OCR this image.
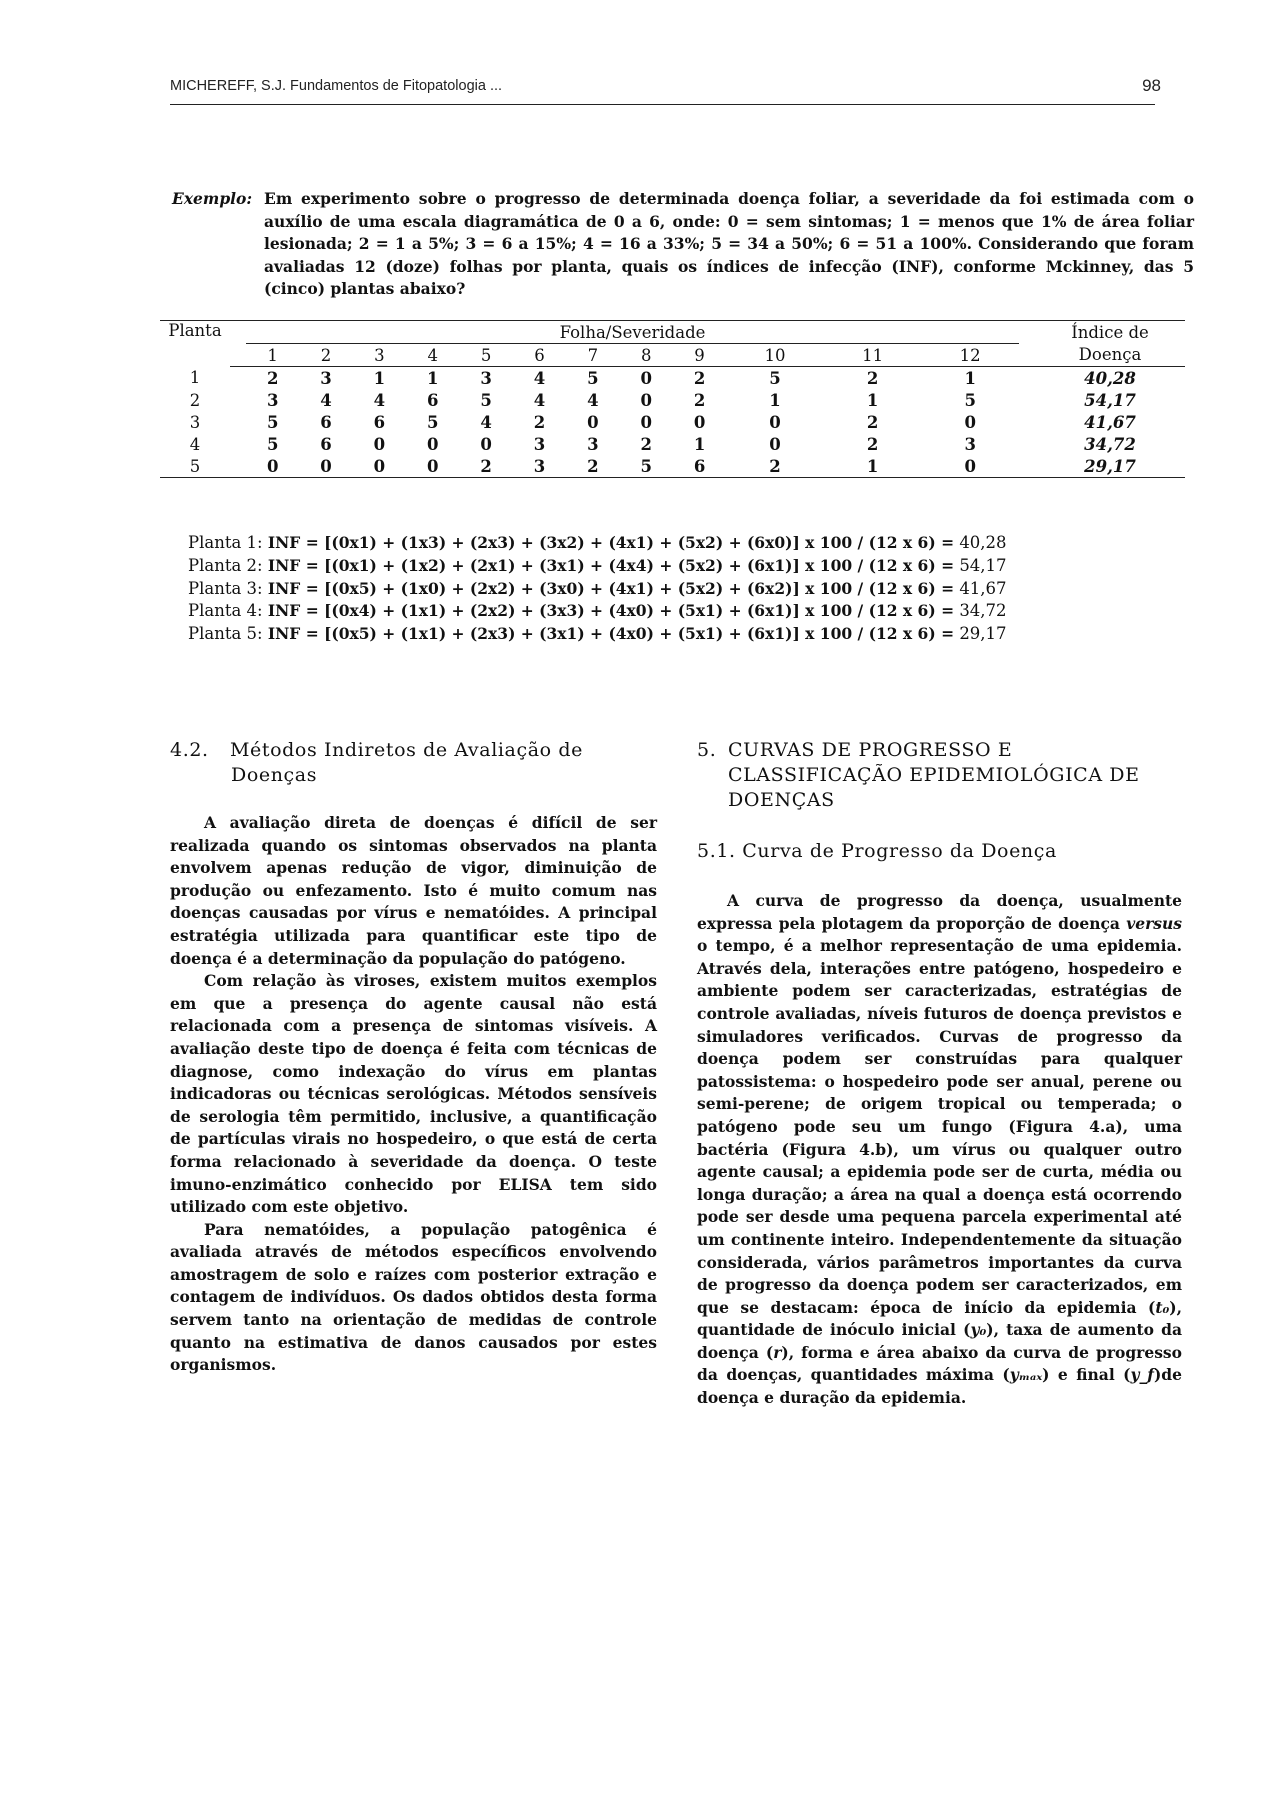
MICHEREFF, S.J. Fundamentos de Fitopatologia ...	98
Exemplo: Em experimento sobre o progresso de determinada doença foliar, a severidade da foi estimada com o auxílio de uma escala diagramática de 0 a 6, onde: 0 = sem sintomas; 1 = menos que 1% de área foliar lesionada; 2 = 1 a 5%; 3 = 6 a 15%; 4 = 16 a 33%; 5 = 34 a 50%; 6 = 51 a 100%. Considerando que foram avaliadas 12 (doze) folhas por planta, quais os índices de infecção (INF), conforme Mckinney, das 5 (cinco) plantas abaixo?
Planta		Folha/Severidade													Índice de
		1	2	3	4	5	6	7	8	9	10	11	12		Doença
1		2	3	1	1	3	4	5	0	2	5	2	1		40,28
2		3	4	4	6	5	4	4	0	2	1	1	5		54,17
3		5	6	6	5	4	2	0	0	0	0	2	0		41,67
4		5	6	0	0	0	3	3	2	1	0	2	3		34,72
5		0	0	0	0	2	3	2	5	6	2	1	0		29,17
Planta 1: INF = [(0x1) + (1x3) + (2x3) + (3x2) + (4x1) + (5x2) + (6x0)] x 100 / (12 x 6) = 40,28
Planta 2: INF = [(0x1) + (1x2) + (2x1) + (3x1) + (4x4) + (5x2) + (6x1)] x 100 / (12 x 6) = 54,17
Planta 3: INF = [(0x5) + (1x0) + (2x2) + (3x0) + (4x1) + (5x2) + (6x2)] x 100 / (12 x 6) = 41,67
Planta 4: INF = [(0x4) + (1x1) + (2x2) + (3x3) + (4x0) + (5x1) + (6x1)] x 100 / (12 x 6) = 34,72
Planta 5: INF = [(0x5) + (1x1) + (2x3) + (3x1) + (4x0) + (5x1) + (6x1)] x 100 / (12 x 6) = 29,17
4.2. Métodos Indiretos de Avaliação de
Doenças

A avaliação direta de doenças é difícil de ser realizada quando os sintomas observados na planta envolvem apenas redução de vigor, diminuição de produção ou enfezamento. Isto é muito comum nas doenças causadas por vírus e nematóides. A principal estratégia utilizada para quantificar este tipo de doença é a determinação da população do patógeno.

Com relação às viroses, existem muitos exemplos em que a presença do agente causal não está relacionada com a presença de sintomas visíveis. A avaliação deste tipo de doença é feita com técnicas de diagnose, como indexação do vírus em plantas indicadoras ou técnicas serológicas. Métodos sensíveis de serologia têm permitido, inclusive, a quantificação de partículas virais no hospedeiro, o que está de certa forma relacionado à severidade da doença. O teste imuno-enzimático conhecido por ELISA tem sido utilizado com este objetivo.

Para nematóides, a população patogênica é avaliada através de métodos específicos envolvendo amostragem de solo e raízes com posterior extração e contagem de indivíduos. Os dados obtidos desta forma servem tanto na orientação de medidas de controle quanto na estimativa de danos causados por estes organismos.

5. CURVAS DE PROGRESSO E
CLASSIFICAÇÃO EPIDEMIOLÓGICA DE
DOENÇAS
5.1. Curva de Progresso da Doença

A curva de progresso da doença, usualmente expressa pela plotagem da proporção de doença versus o tempo, é a melhor representação de uma epidemia. Através dela, interações entre patógeno, hospedeiro e ambiente podem ser caracterizadas, estratégias de controle avaliadas, níveis futuros de doença previstos e simuladores verificados. Curvas de progresso da doença podem ser construídas para qualquer patossistema: o hospedeiro pode ser anual, perene ou semi-perene; de origem tropical ou temperada; o patógeno pode seu um fungo (Figura 4.a), uma bactéria (Figura 4.b), um vírus ou qualquer outro agente causal; a epidemia pode ser de curta, média ou longa duração; a área na qual a doença está ocorrendo pode ser desde uma pequena parcela experimental até um continente inteiro. Independentemente da situação considerada, vários parâmetros importantes da curva de progresso da doença podem ser caracterizados, em que se destacam: época de início da epidemia (t₀), quantidade de inóculo inicial (y₀), taxa de aumento da doença (r), forma e área abaixo da curva de progresso da doenças, quantidades máxima (yₘₐₓ) e final (y_f)de doença e duração da epidemia.
